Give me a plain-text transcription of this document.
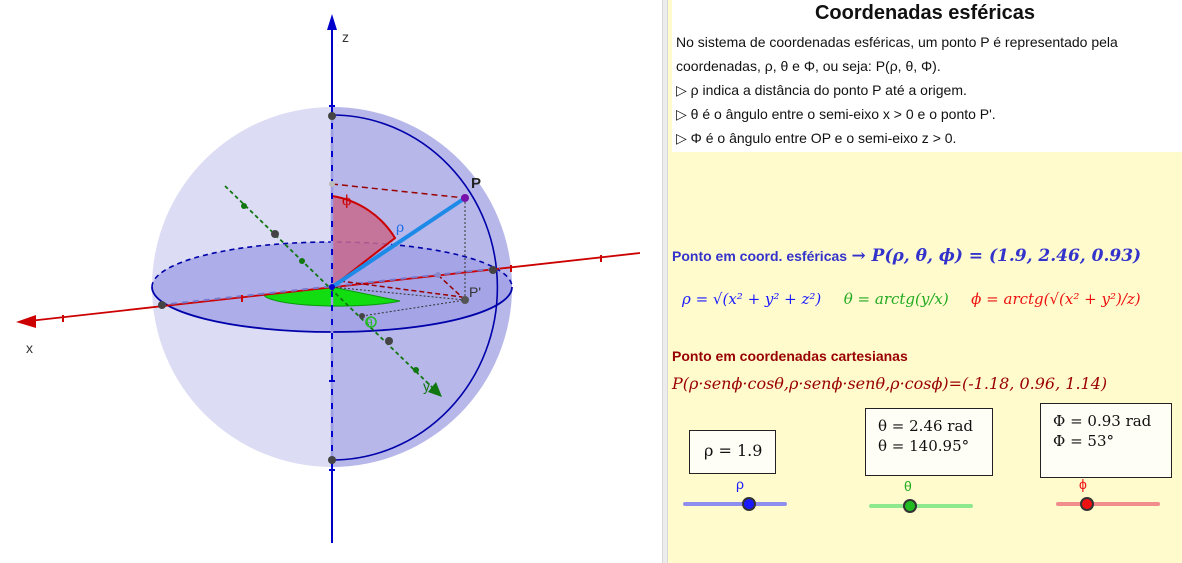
z
x
y
P
P'
ϕ
ρ
θ
Coordenadas esféricas
No sistema de coordenadas esféricas, um ponto P é representado pela
coordenadas, ρ, θ e Φ, ou seja: P(ρ, θ, Φ).
▷ ρ indica a distância do ponto P até a origem.
▷ θ é o ângulo entre o semi-eixo x > 0 e o ponto P'.
▷ Φ é o ângulo entre OP e o semi-eixo z > 0.
Ponto em coord. esféricas → P(ρ, θ, ϕ) = (1.9, 2.46, 0.93)
ρ = √(x² + y² + z²) θ = arctg(y/x) ϕ = arctg(√(x² + y²)/z)
Ponto em coordenadas cartesianas
P(ρ·senϕ·cosθ,ρ·senϕ·senθ,ρ·cosϕ)=(-1.18, 0.96, 1.14)
ρ = 1.9
θ = 2.46 rad
θ = 140.95°
Φ = 0.93 rad
Φ = 53°
ρ	θ	ϕ
